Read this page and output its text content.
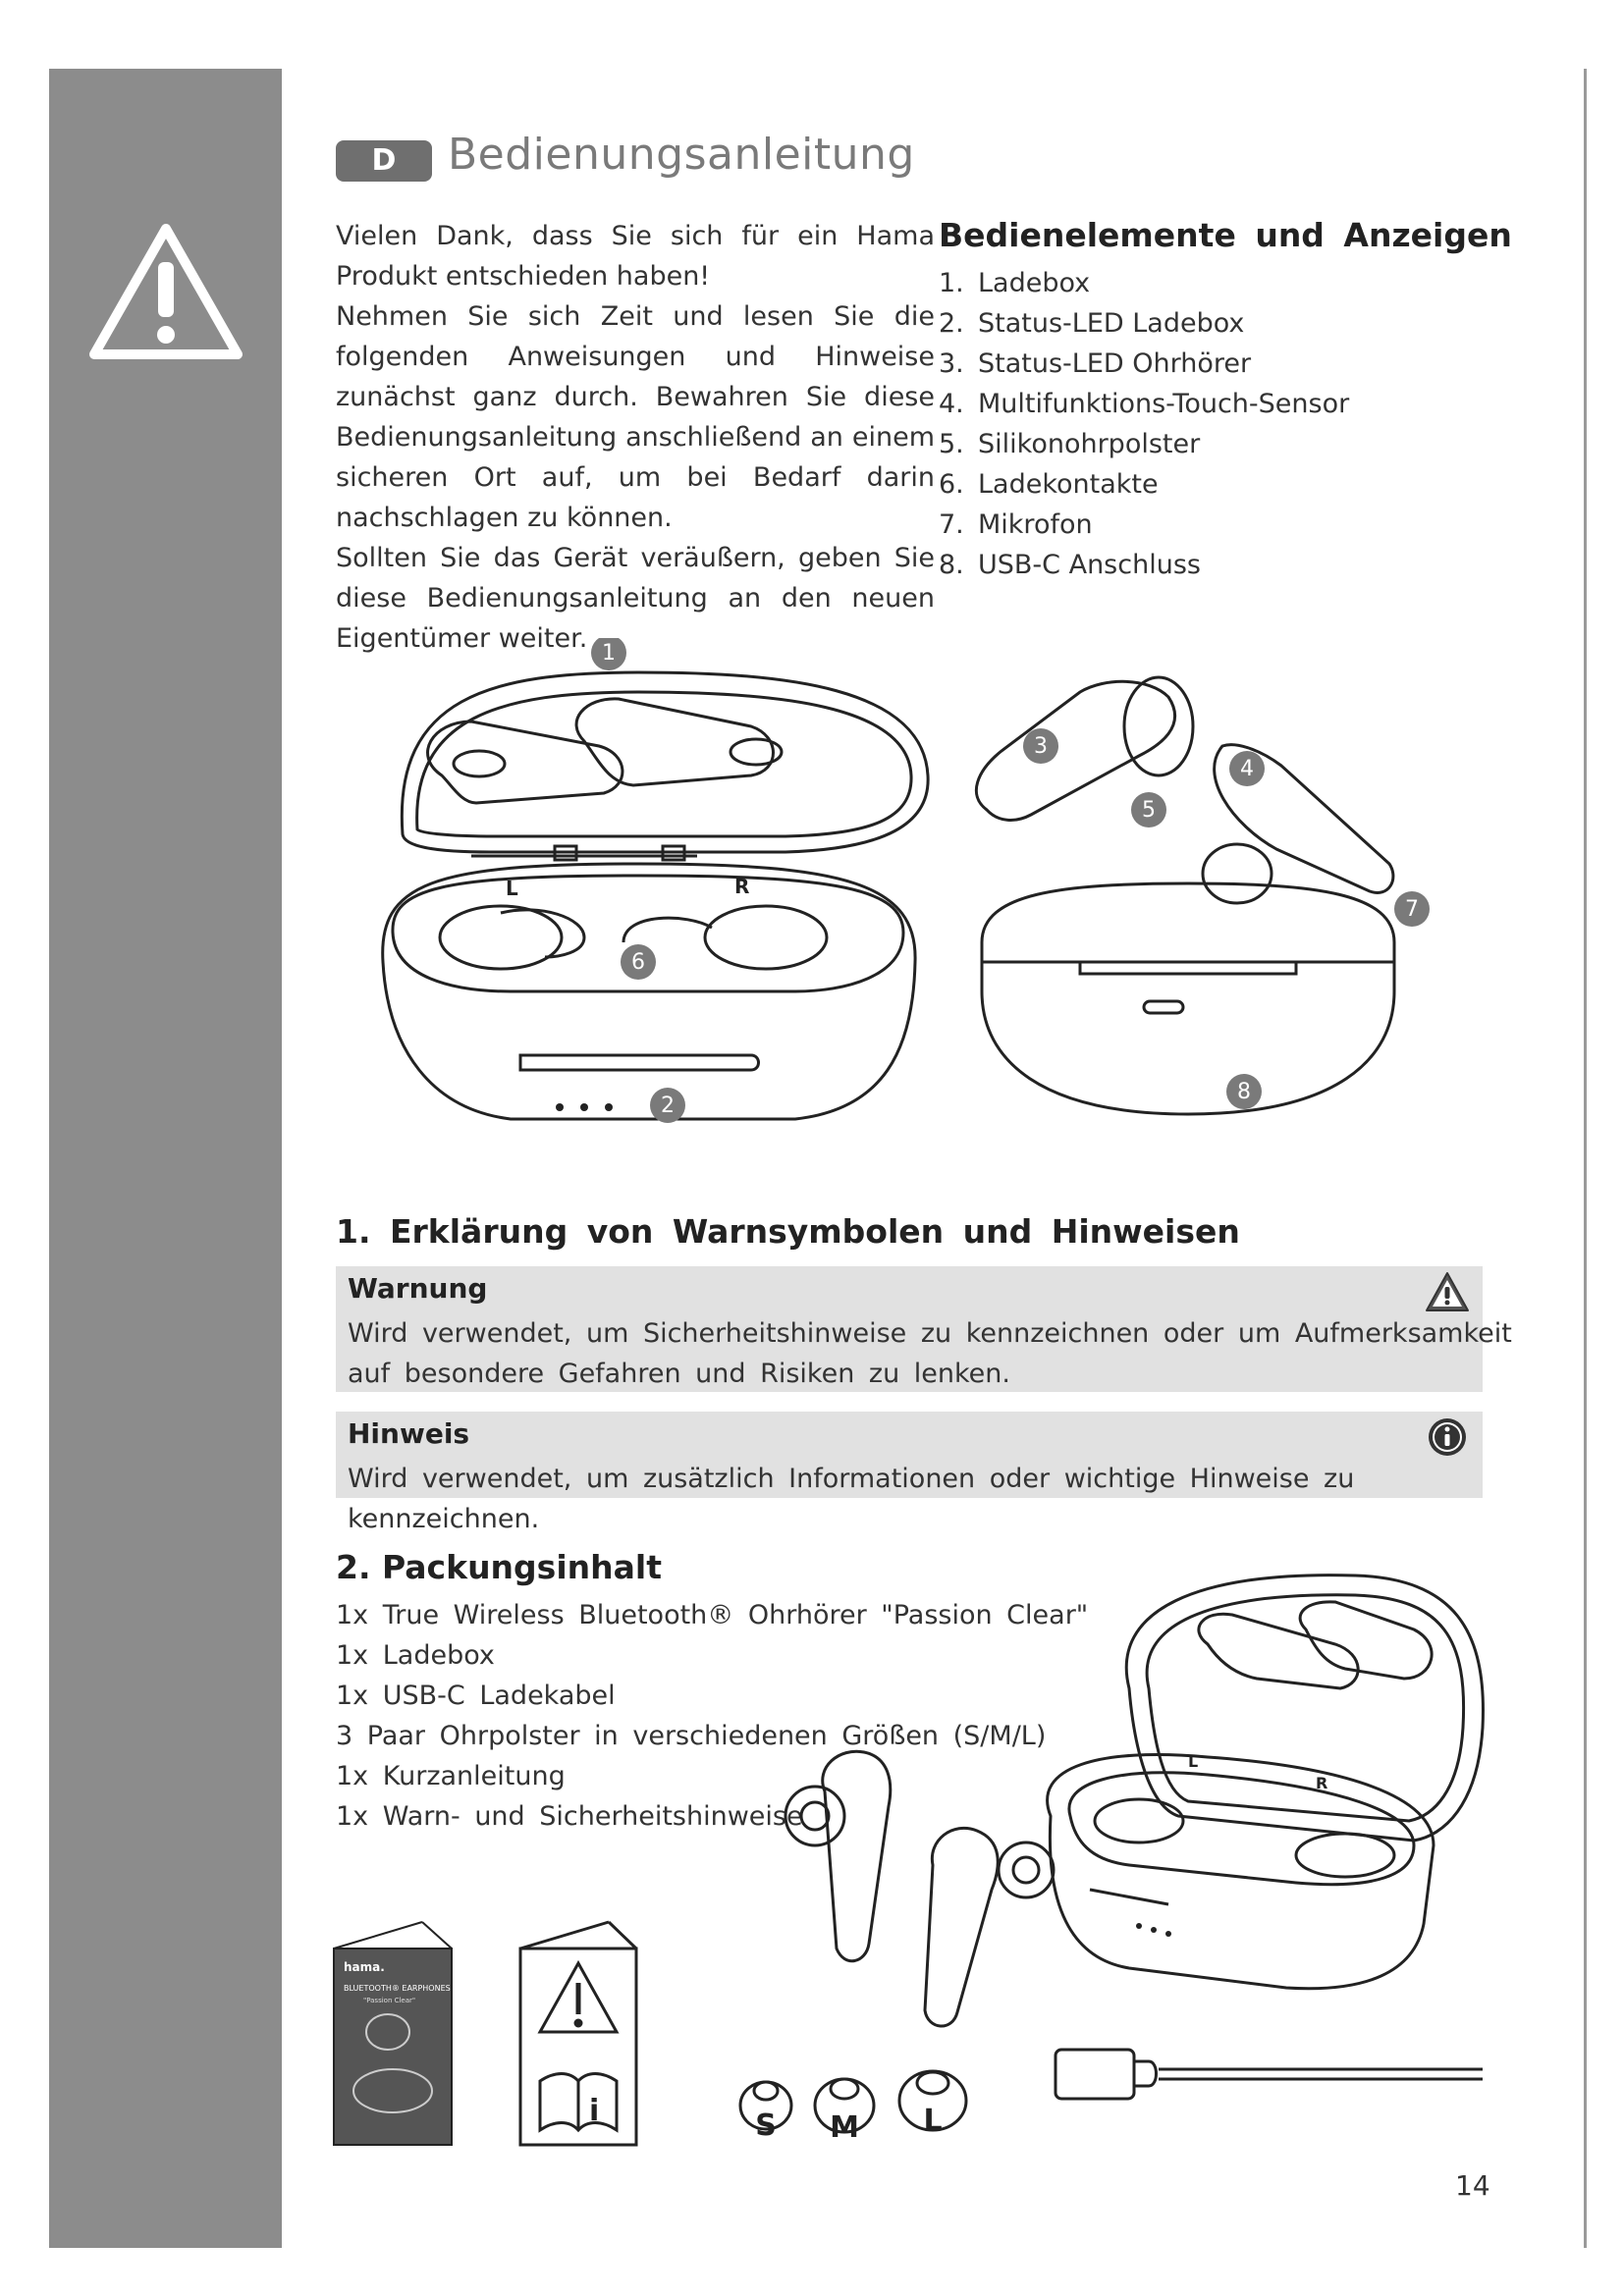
D	Bedienungsanleitung

Vielen Dank, dass Sie sich für ein Hama Produkt entschieden haben!

Nehmen Sie sich Zeit und lesen Sie die folgenden Anweisungen und Hinweise zunächst ganz durch. Bewahren Sie diese Bedienungsanleitung anschließend an einem sicheren Ort auf, um bei Bedarf darin nachschlagen zu können.

Sollten Sie das Gerät veräußern, geben Sie diese Bedienungsanleitung an den neuen Eigentümer weiter.

Bedienelemente und Anzeigen
1. Ladebox
2. Status-LED Ladebox
3. Status-LED Ohrhörer
4. Multifunktions-Touch-Sensor
5. Silikonohrpolster
6. Ladekontakte
7. Mikrofon
8. USB-C Anschluss
L	R
1
2
3
4
5
6
7
8
1. Erklärung von Warnsymbolen und Hinweisen
Warnung
Wird verwendet, um Sicherheitshinweise zu kennzeichnen oder um Aufmerksamkeit auf besondere Gefahren und Risiken zu lenken.
Hinweis
Wird verwendet, um zusätzlich Informationen oder wichtige Hinweise zu kennzeichnen.
2. Packungsinhalt
1x True Wireless Bluetooth® Ohrhörer "Passion Clear"
1x Ladebox
1x USB-C Ladekabel
3 Paar Ohrpolster in verschiedenen Größen (S/M/L)
1x Kurzanleitung
1x Warn- und Sicherheitshinweise
L
R
hama.
BLUETOOTH® EARPHONES
"Passion Clear"
i	S M L
14
